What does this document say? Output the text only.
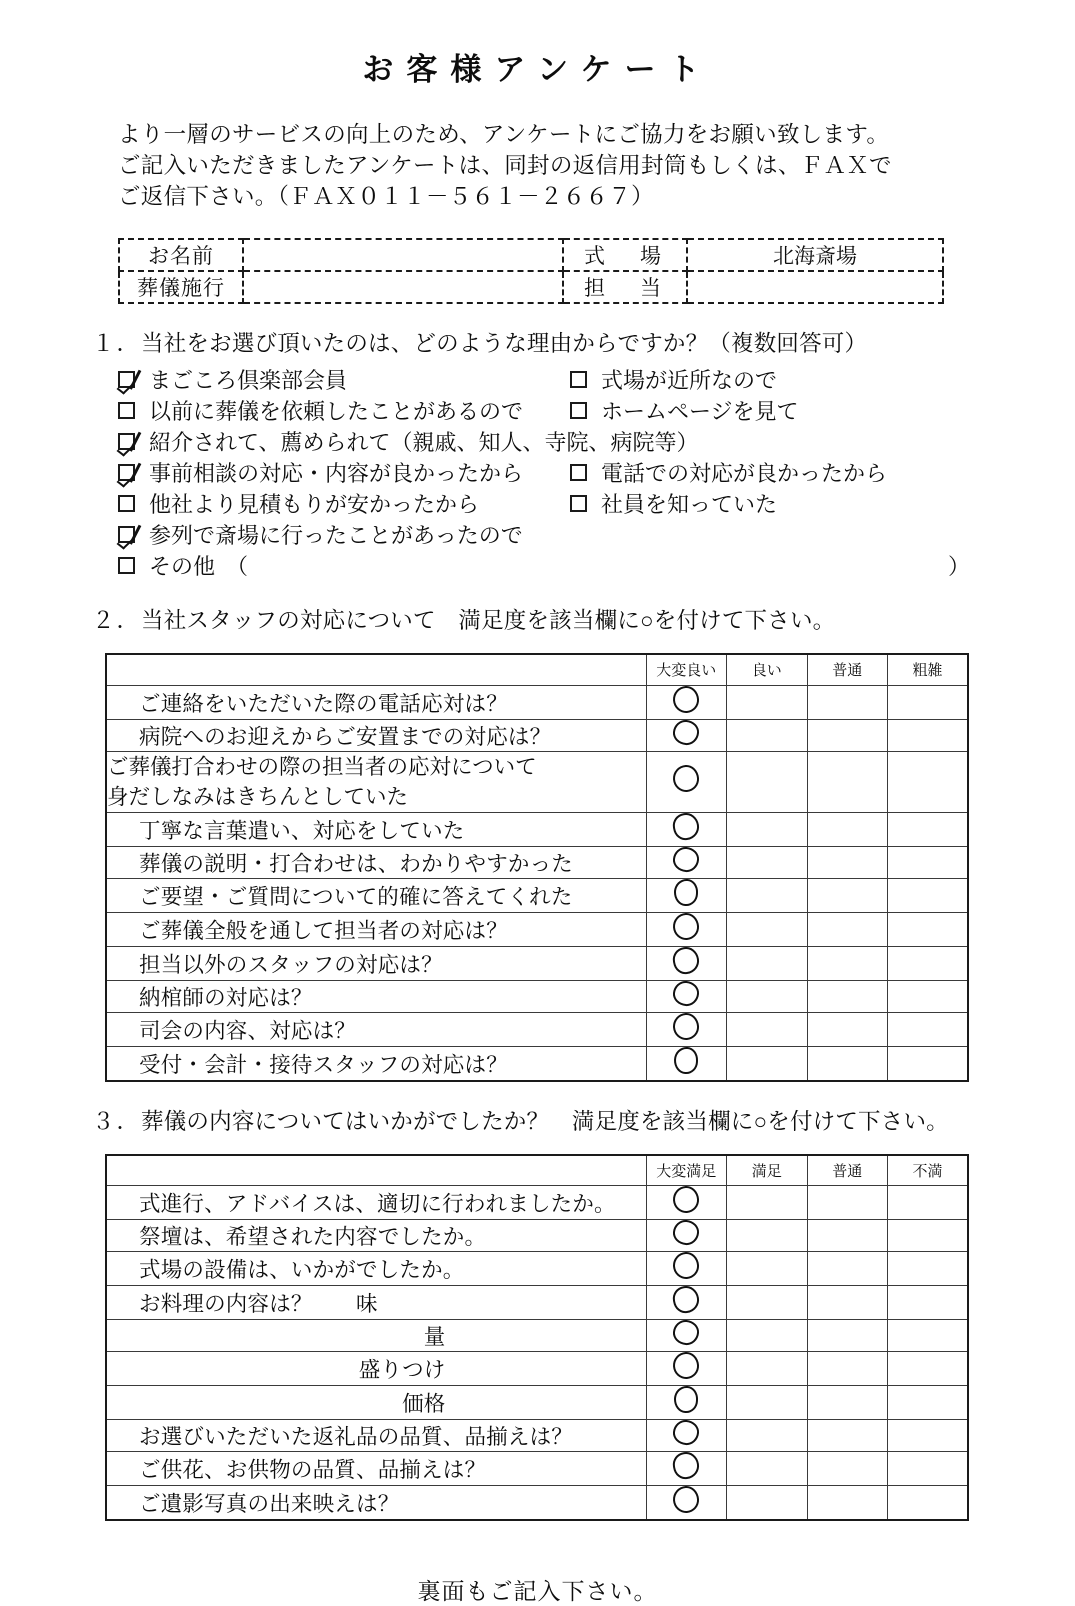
お客様アンケート
より一層のサービスの向上のため、アンケートにご協力をお願い致します。
ご記入いただきましたアンケートは、同封の返信用封筒もしくは、ＦＡＸで
ご返信下さい。（ＦＡＸ０１１－５６１－２６６７）
お名前		式　場	北海斎場
葬儀施行		担　当	
１．当社をお選び頂いたのは、どのような理由からですか？（複数回答可）
まごころ倶楽部会員	式場が近所なので
以前に葬儀を依頼したことがあるので	ホームページを見て
紹介されて、薦められて（親戚、知人、寺院、病院等）
事前相談の対応・内容が良かったから	電話での対応が良かったから
他社より見積もりが安かったから	社員を知っていた
参列で斎場に行ったことがあったので
その他　（	）
２．当社スタッフの対応について　満足度を該当欄に○を付けて下さい。
	大変良い	良い	普通	粗雑
ご連絡をいただいた際の電話応対は？				
病院へのお迎えからご安置までの対応は？				

ご葬儀打合わせの際の担当者の応対について
身だしなみはきちんとしていた				

丁寧な言葉遣い、対応をしていた				
葬儀の説明・打合わせは、わかりやすかった				
ご要望・ご質問について的確に答えてくれた				
ご葬儀全般を通して担当者の対応は？				
担当以外のスタッフの対応は？				
納棺師の対応は？				
司会の内容、対応は？				
受付・会計・接待スタッフの対応は？				
３．葬儀の内容についてはいかがでしたか？　満足度を該当欄に○を付けて下さい。
	大変満足	満足	普通	不満
式進行、アドバイスは、適切に行われましたか。				
祭壇は、希望された内容でしたか。				
式場の設備は、いかがでしたか。				
お料理の内容は？　　味				
量				
盛りつけ				
価格				
お選びいただいた返礼品の品質、品揃えは？				
ご供花、お供物の品質、品揃えは？				
ご遺影写真の出来映えは？				
裏面もご記入下さい。
